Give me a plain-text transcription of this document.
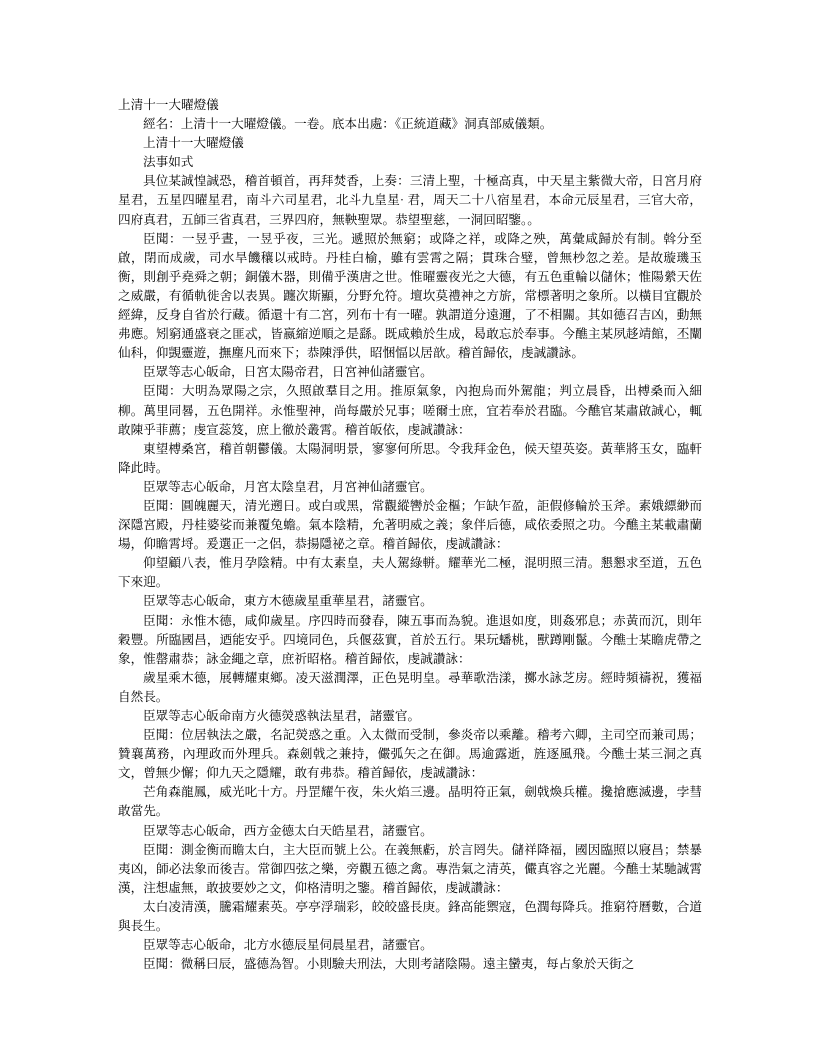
上清十一大曜燈儀

經名：上清十一大曜燈儀。一卷。底本出處：《正統道藏》洞真部威儀類。

上清十一大曜燈儀

法事如式

具位某誠惶誠恐，稽首頓首，再拜焚香，上奏：三清上聖，十極高真，中天星主紫微大帝，日宮月府星君，五星四曜星君，南斗六司星君，北斗九皇星· 君，周天二十八宿星君，本命元辰星君，三官大帝，四府真君，五師三省真君，三界四府，無鞅聖眾。恭望聖慈，一洞回昭鑒。。

臣聞：一昱乎晝，一昱乎夜，三光。遞照於無窮；或降之祥，或降之殃，萬彙咸歸於有制。斡分至啟，閉而成歲，司水旱饑穰以戒時。丹桂白榆，雖有雲霄之隔；貫珠合璧，曾無杪忽之差。是故璇璣玉衡，則創乎堯舜之朝；銅儀木器，則備乎漢唐之世。惟曜靈夜光之大德，有五色重輪以儲休；惟陽縈天佐之威嚴，有循軌徙舍以表異。躔次斯顯，分野允符。壇坎莫禮神之方旂，常標著明之象所。以橫目宜觀於經緯，反身自省於行藏。循還十有二宮，列布十有一曜。孰謂道分遠邇，了不相關。其如德召吉凶，動無弗應。矧窮通盛衰之匪忒，皆嬴縮逆順之是繇。既咸賴於生成，曷敢忘於奉事。今醮主某夙趍靖館，丕闡仙科，仰覬靈遊，撫塵凡而來下；恭陳淨供，昭悃愊以居歆。稽首歸依，虔誠讚詠。

臣眾等志心皈命，日宮太陽帝君，日宮神仙諸靈官。

臣聞：大明為眾陽之宗，久照啟羣目之用。推原氣象，內抱烏而外駕龍；判立晨昏，出榑桑而入細柳。萬里同晷，五色開祥。永惟聖神，尚每嚴於兄事；嗟爾士庶，宜若奉於君臨。今醮官某肅啟誠心，輒敢陳乎菲薦；虔宣蕊笈，庶上徹於叢霄。稽首皈依，虔誠讚詠：

東望榑桑宮，稽首朝鬱儀。太陽洞明景，寥寥何所思。令我拜金色，候天望英姿。黃華將玉女，臨軒降此時。

臣眾等志心皈命，月宮太陰皇君，月宮神仙諸靈官。

臣聞：圓魄麗天，清光遡日。或白或黑，常觀縱轡於金樞；乍缺乍盈，詎假修輪於玉斧。素娥縹緲而深隱宮殿，丹桂婆娑而兼覆兔蟾。氣本陰精，允著明威之義；象伴后德，咸依委照之功。今醮主某載肅蘭場，仰瞻霄埒。爰選正一之侶，恭揚隱祕之章。稽首歸依，虔誠讚詠：

仰望顧八表，惟月孕陰精。中有太素皇，夫人駕綠軿。耀華光二極，混明照三清。懇懇求至道，五色下來迎。

臣眾等志心皈命，東方木德歲星重華星君，諸靈官。

臣聞：永惟木德，咸仰歲星。序四時而發春，陳五事而為貌。進退如度，則姦邪息；赤黃而沉，則年穀豐。所臨國昌，迺能安乎。四境同色，兵偃茲實，首於五行。果玩蟠桃，獸蹲剛鬣。今醮士某瞻虎帶之象，惟罄肅恭；詠金繩之章，庶祈昭格。稽首歸依，虔誠讚詠：

歲星乘木德，展轉耀東鄉。凌天滋潤澤，正色晃明皇。尋華歌浩漾，擲水詠芝房。經時頻禱祝，獲福自然長。

臣眾等志心皈命南方火德熒惑執法星君，諸靈官。

臣聞：位居執法之嚴，名記熒惑之重。入太微而受制，參炎帝以乘離。稽考六卿，主司空而兼司馬；贊襄萬務，內理政而外理兵。森劍戟之兼持，儼弧矢之在御。馬逾露逝，旌逐風飛。今醮士某三洞之真文，曾無少懈；仰九天之隱耀，敢有弗恭。稽首歸依，虔誠讚詠：

芒角森龍鳳，威光叱十方。丹罡耀午夜，朱火焰三邊。晶明符正氣，劍戟煥兵權。攙搶應滅邊，孛彗敢當先。

臣眾等志心皈命，西方金德太白天皓星君，諸靈官。

臣聞：測金衡而瞻太白，主大臣而號上公。在義無虧，於言罔失。儲祥降福，國因臨照以寢昌；禁暴夷凶，師必法象而後吉。常御四弦之樂，旁觀五德之禽。專浩氣之清英，儼真容之光麗。今醮士某馳誠霄漢，注想虛無，敢披要妙之文，仰格清明之鑒。稽首歸依，虔誠讚詠：

太白凌清漢，騰霜耀素英。亭亭浮瑞彩，皎皎盛長庚。鋒高能禦寇，色潤每降兵。推窮符曆數，合道與長生。

臣眾等志心皈命，北方水德辰星伺晨星君，諸靈官。

臣聞：微稱曰辰，盛德為智。小則驗夫刑法，大則考諸陰陽。遠主蠻夷，每占象於天街之
